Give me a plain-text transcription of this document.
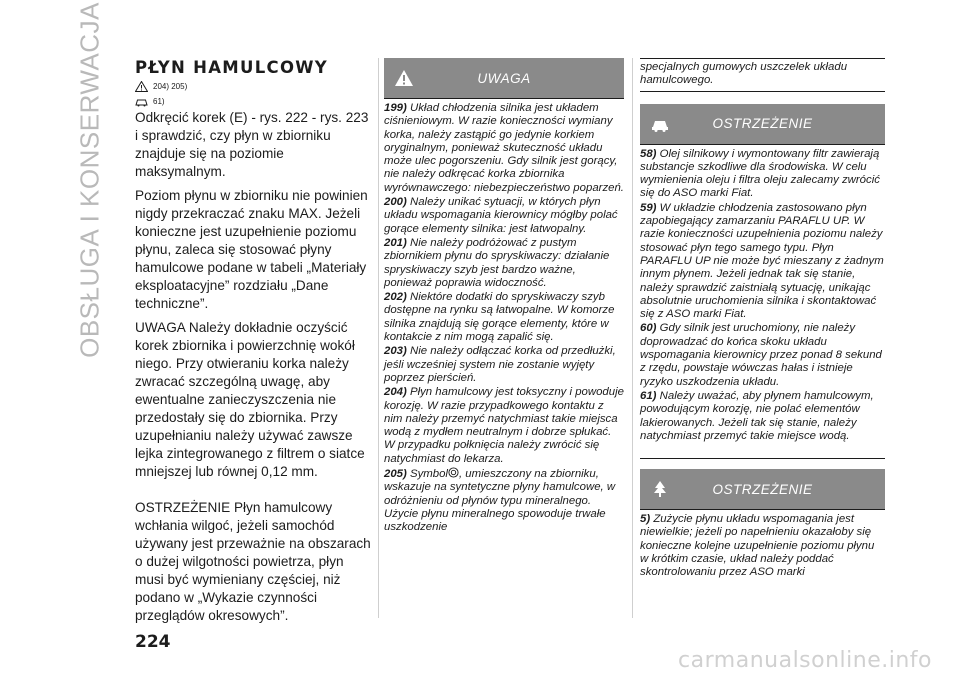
OBSŁUGA I KONSERWACJA PŁYN HAMULCOWY
204) 205)
61)

Odkręcić korek (E) - rys. 222 - rys. 223 i sprawdzić, czy płyn w zbiorniku znajduje się na poziomie maksymalnym.

Poziom płynu w zbiorniku nie powinien nigdy przekraczać znaku MAX. Jeżeli konieczne jest uzupełnienie poziomu płynu, zaleca się stosować płyny hamulcowe podane w tabeli „Materiały eksploatacyjne” rozdziału „Dane techniczne”.

UWAGA Należy dokładnie oczyścić korek zbiornika i powierzchnię wokół niego. Przy otwieraniu korka należy zwracać szczególną uwagę, aby ewentualne zanieczyszczenia nie przedostały się do zbiornika. Przy uzupełnianiu należy używać zawsze lejka zintegrowanego z filtrem o siatce mniejszej lub równej 0,12 mm.

OSTRZEŻENIE Płyn hamulcowy wchłania wilgoć, jeżeli samochód używany jest przeważnie na obszarach o dużej wilgotności powietrza, płyn musi być wymieniany częściej, niż podano w „Wykazie czynności przeglądów okresowych”.

UWAGA

199) Układ chłodzenia silnika jest układem ciśnieniowym. W razie konieczności wymiany korka, należy zastąpić go jedynie korkiem oryginalnym, ponieważ skuteczność układu może ulec pogorszeniu. Gdy silnik jest gorący, nie należy odkręcać korka zbiornika wyrównawczego: niebezpieczeństwo poparzeń.

200) Należy unikać sytuacji, w których płyn układu wspomagania kierownicy mógłby polać gorące elementy silnika: jest łatwopalny.

201) Nie należy podróżować z pustym zbiornikiem płynu do spryskiwaczy: działanie spryskiwaczy szyb jest bardzo ważne, ponieważ poprawia widoczność.

202) Niektóre dodatki do spryskiwaczy szyb dostępne na rynku są łatwopalne. W komorze silnika znajdują się gorące elementy, które w kontakcie z nim mogą zapalić się.

203) Nie należy odłączać korka od przedłużki, jeśli wcześniej system nie zostanie wyjęty poprzez pierścień.

204) Płyn hamulcowy jest toksyczny i powoduje korozję. W razie przypadkowego kontaktu z nim należy przemyć natychmiast takie miejsca wodą z mydłem neutralnym i dobrze spłukać. W przypadku połknięcia należy zwrócić się natychmiast do lekarza.

205) Symbol , umieszczony na zbiorniku, wskazuje na syntetyczne płyny hamulcowe, w odróżnieniu od płynów typu mineralnego. Użycie płynu mineralnego spowoduje trwałe uszkodzenie

specjalnych gumowych uszczelek układu hamulcowego.

OSTRZEŻENIE

58) Olej silnikowy i wymontowany filtr zawierają substancje szkodliwe dla środowiska. W celu wymienienia oleju i filtra oleju zalecamy zwrócić się do ASO marki Fiat.

59) W układzie chłodzenia zastosowano płyn zapobiegający zamarzaniu PARAFLU UP. W razie konieczności uzupełnienia poziomu należy stosować płyn tego samego typu. Płyn PARAFLU UP nie może być mieszany z żadnym innym płynem. Jeżeli jednak tak się stanie, należy sprawdzić zaistniałą sytuację, unikając absolutnie uruchomienia silnika i skontaktować się z ASO marki Fiat.

60) Gdy silnik jest uruchomiony, nie należy doprowadzać do końca skoku układu wspomagania kierownicy przez ponad 8 sekund z rzędu, powstaje wówczas hałas i istnieje ryzyko uszkodzenia układu.

61) Należy uważać, aby płynem hamulcowym, powodującym korozję, nie polać elementów lakierowanych. Jeżeli tak się stanie, należy natychmiast przemyć takie miejsce wodą.

OSTRZEŻENIE

5) Zużycie płynu układu wspomagania jest niewielkie; jeżeli po napełnieniu okazałoby się konieczne kolejne uzupełnienie poziomu płynu w krótkim czasie, układ należy poddać skontrolowaniu przez ASO marki

224
carmanualsonline.info
